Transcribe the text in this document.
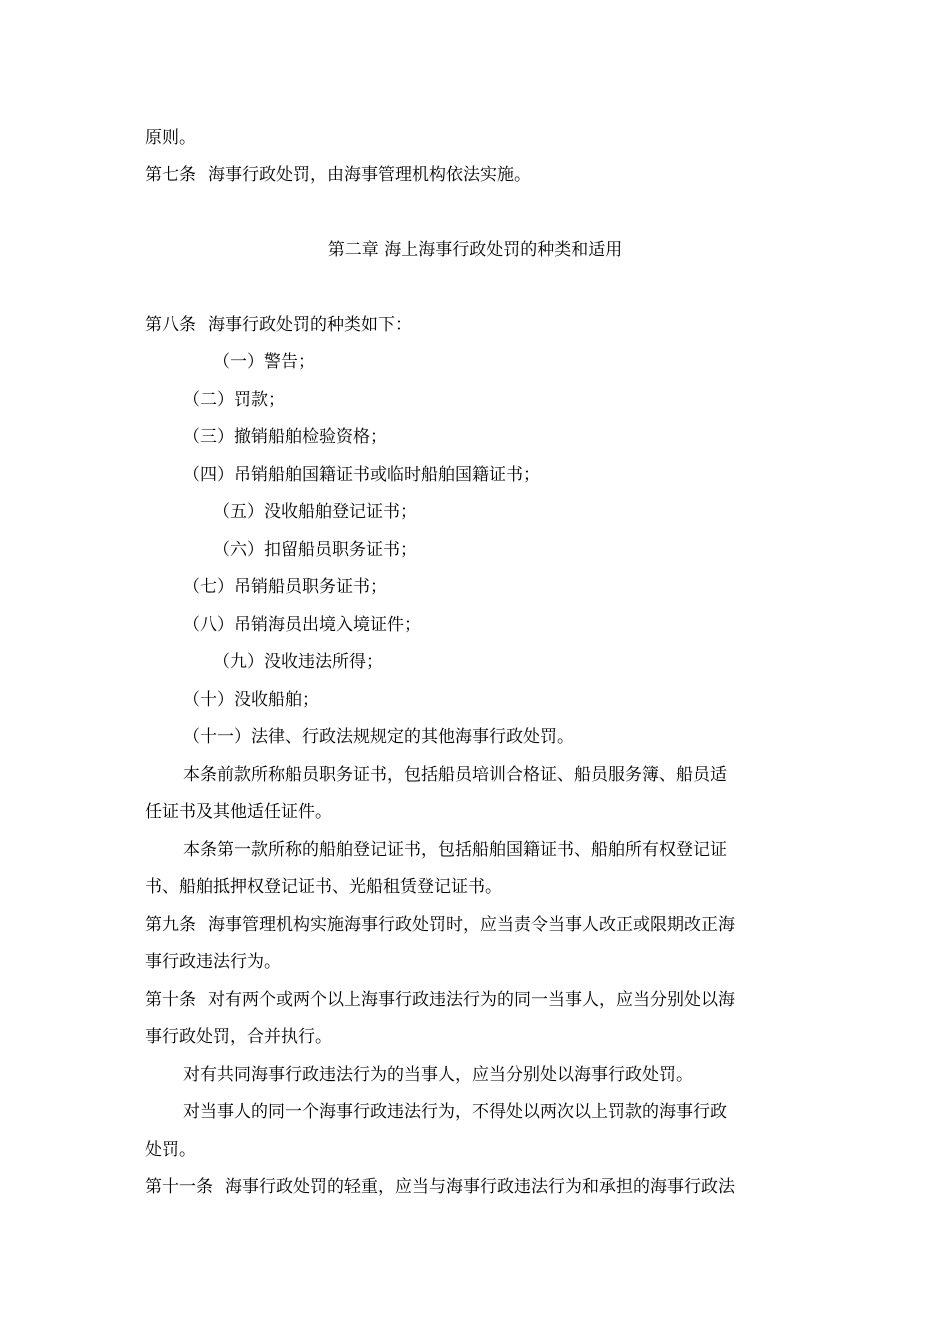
原则。
第七条 海事行政处罚，由海事管理机构依法实施。
第二章 海上海事行政处罚的种类和适用
第八条 海事行政处罚的种类如下：
（一）警告；
（二）罚款；
（三）撤销船舶检验资格；
（四）吊销船舶国籍证书或临时船舶国籍证书；
（五）没收船舶登记证书；
（六）扣留船员职务证书；
（七）吊销船员职务证书；
（八）吊销海员出境入境证件；
（九）没收违法所得；
（十）没收船舶；
（十一）法律、行政法规规定的其他海事行政处罚。
本条前款所称船员职务证书，包括船员培训合格证、船员服务簿、船员适
任证书及其他适任证件。
本条第一款所称的船舶登记证书，包括船舶国籍证书、船舶所有权登记证
书、船舶抵押权登记证书、光船租赁登记证书。
第九条 海事管理机构实施海事行政处罚时，应当责令当事人改正或限期改正海
事行政违法行为。
第十条 对有两个或两个以上海事行政违法行为的同一当事人，应当分别处以海
事行政处罚，合并执行。
对有共同海事行政违法行为的当事人，应当分别处以海事行政处罚。
对当事人的同一个海事行政违法行为，不得处以两次以上罚款的海事行政
处罚。
第十一条 海事行政处罚的轻重，应当与海事行政违法行为和承担的海事行政法
